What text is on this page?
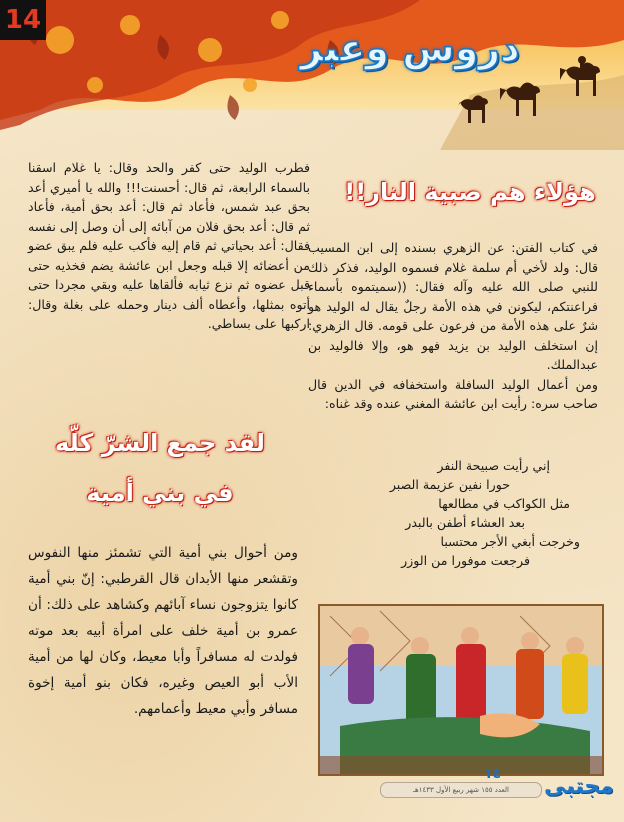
14
دروس وعبر
هؤلاء هم صبية النار!!

في كتاب الفتن: عن الزهري بسنده إلى ابن المسيب قال: ولد لأخي أم سلمة غلام فسموه الوليد، فذكر ذلك للنبي صلى الله عليه وآله فقال: ((سميتموه بأسماء فراعنتكم، ليكونن في هذه الأمة رجلٌ يقال له الوليد هو شرٌ على هذه الأمة من فرعون على قومه. قال الزهري: إن استخلف الوليد بن يزيد فهو هو، وإلا فالوليد بن عبدالملك.

ومن أعمال الوليد السافلة واستخفافه في الدين قال صاحب سره: رأيت ابن عائشة المغني عنده وقد غناه:

إني رأيت صبيحة النفر
حورا نفين عزيمة الصبر
مثل الكواكب في مطالعها
بعد العشاء أطفن بالبدر
وخرجت أبغي الأجر محتسبا
فرجعت موفورا من الوزر

فطرب الوليد حتى كفر والحد وقال: يا غلام اسقنا بالسماء الرابعة، ثم قال: أحسنت!!! والله يا أميري أعد بحق عبد شمس، فأعاد ثم قال: أعد بحق أمية، فأعاد ثم قال: أعد بحق فلان من آبائه إلى أن وصل إلى نفسه فقال: أعد بحياتي ثم قام إليه فأكب عليه فلم يبق عضو من أعضائه إلا قبله وجعل ابن عائشة يضم فخذيه حتى قبل عضوه ثم نزع ثيابه فألقاها عليه وبقي مجردا حتى أتوه بمثلها، وأعطاه ألف دينار وحمله على بغلة وقال: اركبها على بساطي.

لقد جمع الشرّ كلّه
في بني أمية

ومن أحوال بني أمية التي تشمئز منها النفوس وتقشعر منها الأبدان قال القرطبي: إنّ بني أمية كانوا يتزوجون نساء آبائهم وكشاهد على ذلك: أن عمرو بن أمية خلف على امرأة أبيه بعد موته فولدت له مسافراً وأبا معيط، وكان لها من أمية الأب أبو العيص وغيره، فكان بنو أمية إخوة مسافر وأبي معيط وأعمامهم.

العدد ١٥٥ شهر ربيع الأول ١٤٣٣هـ
١٤ مجتبى
